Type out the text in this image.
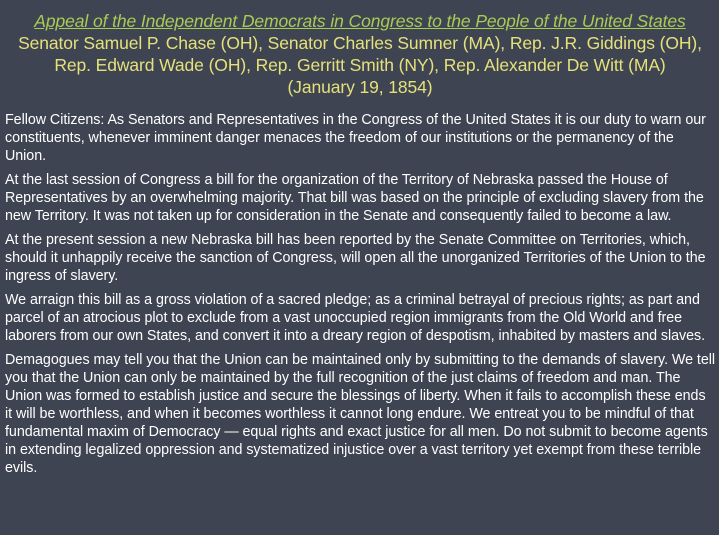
Appeal of the Independent Democrats in Congress to the People of the United States
Senator Samuel P. Chase (OH), Senator Charles Sumner (MA), Rep. J.R. Giddings (OH),
Rep. Edward Wade (OH), Rep. Gerritt Smith (NY), Rep. Alexander De Witt (MA)
(January 19, 1854)

Fellow Citizens: As Senators and Representatives in the Congress of the United States it is our duty to warn our constituents, whenever imminent danger menaces the freedom of our institutions or the permanency of the Union.

At the last session of Congress a bill for the organization of the Territory of Nebraska passed the House of Representatives by an overwhelming majority. That bill was based on the principle of excluding slavery from the new Territory. It was not taken up for consideration in the Senate and consequently failed to become a law.

At the present session a new Nebraska bill has been reported by the Senate Committee on Territories, which, should it unhappily receive the sanction of Congress, will open all the unorganized Territories of the Union to the ingress of slavery.

We arraign this bill as a gross violation of a sacred pledge; as a criminal betrayal of precious rights; as part and parcel of an atrocious plot to exclude from a vast unoccupied region immigrants from the Old World and free laborers from our own States, and convert it into a dreary region of despotism, inhabited by masters and slaves.

Demagogues may tell you that the Union can be maintained only by submitting to the demands of slavery. We tell you that the Union can only be maintained by the full recognition of the just claims of freedom and man. The Union was formed to establish justice and secure the blessings of liberty. When it fails to accomplish these ends it will be worthless, and when it becomes worthless it cannot long endure. We entreat you to be mindful of that fundamental maxim of Democracy — equal rights and exact justice for all men. Do not submit to become agents in extending legalized oppression and systematized injustice over a vast territory yet exempt from these terrible evils.
